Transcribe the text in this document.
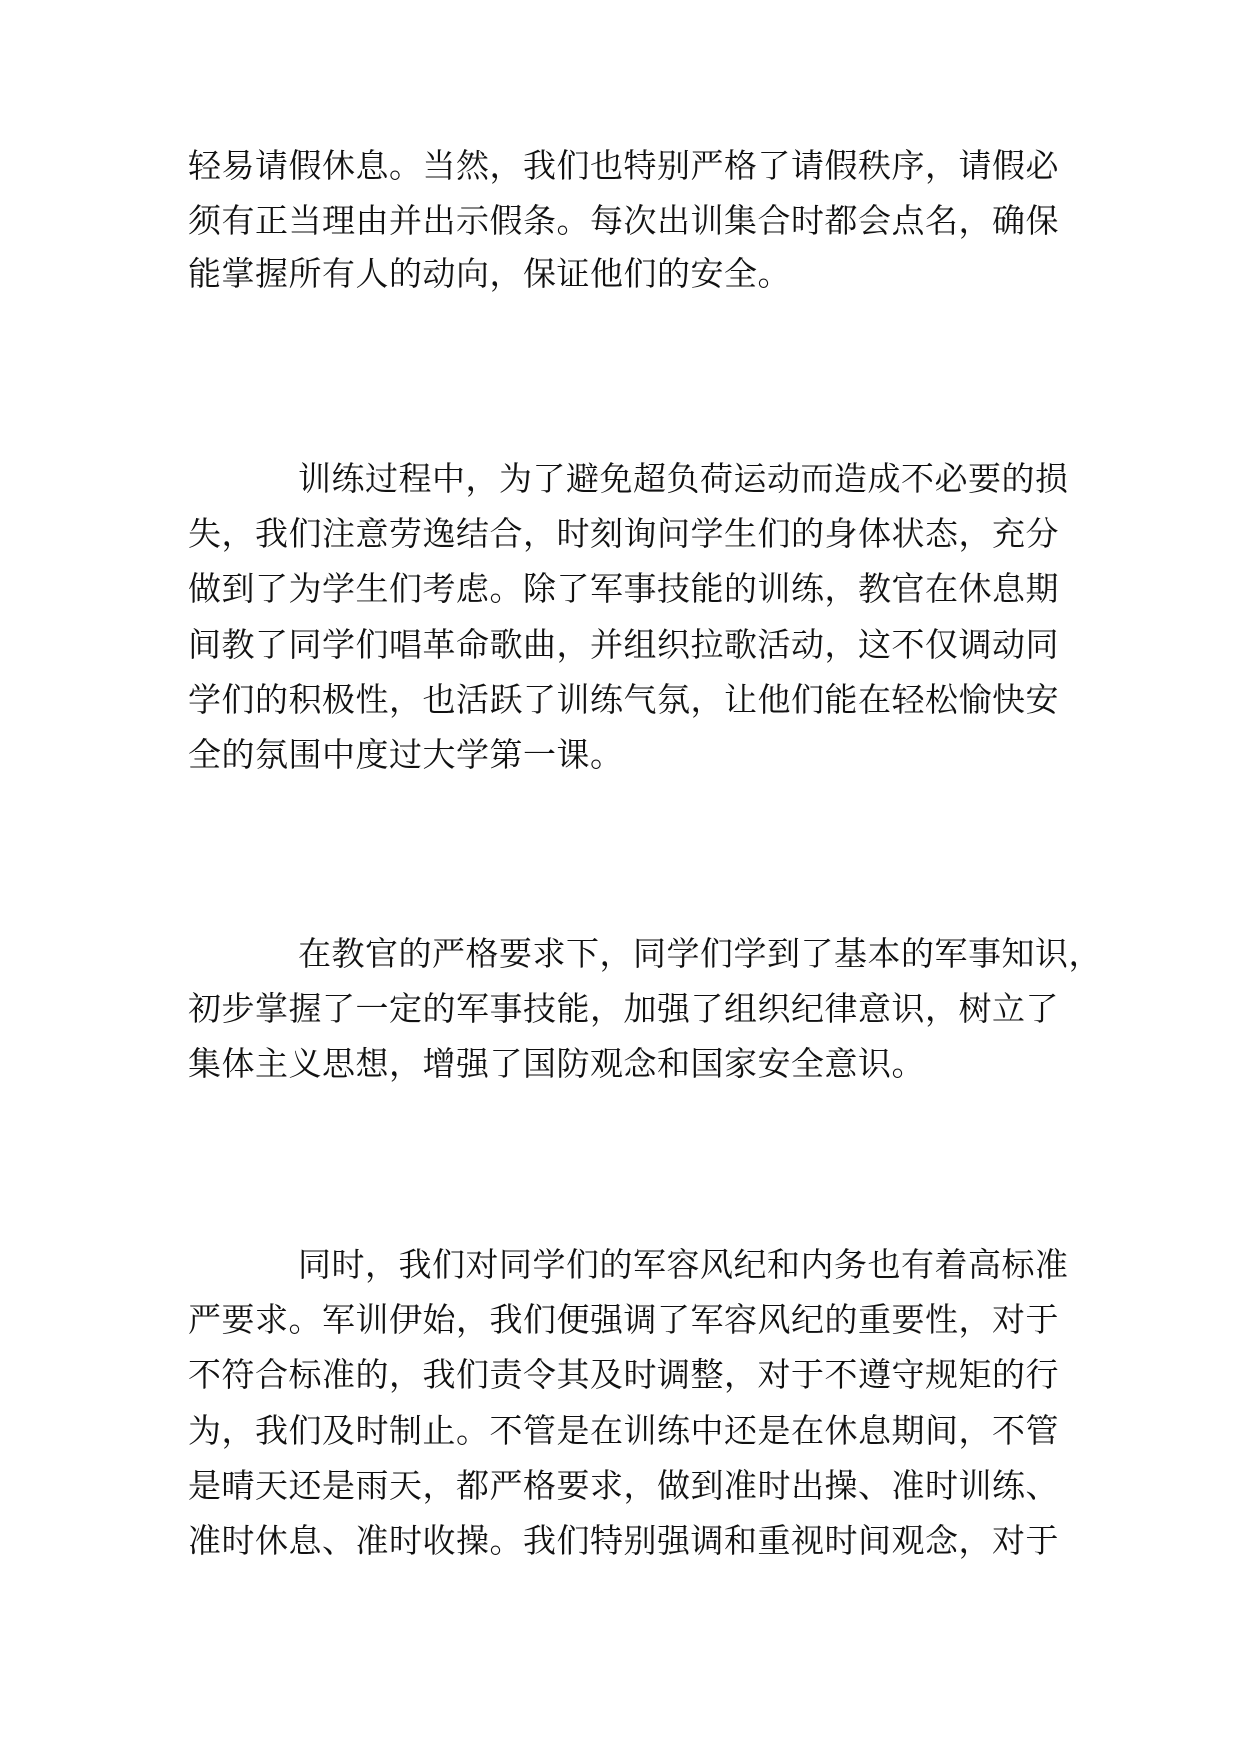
轻易请假休息。当然，我们也特别严格了请假秩序，请假必

须有正当理由并出示假条。每次出训集合时都会点名，确保

能掌握所有人的动向，保证他们的安全。

训练过程中，为了避免超负荷运动而造成不必要的损

失，我们注意劳逸结合，时刻询问学生们的身体状态，充分

做到了为学生们考虑。除了军事技能的训练，教官在休息期

间教了同学们唱革命歌曲，并组织拉歌活动，这不仅调动同

学们的积极性，也活跃了训练气氛，让他们能在轻松愉快安

全的氛围中度过大学第一课。

在教官的严格要求下，同学们学到了基本的军事知识，

初步掌握了一定的军事技能，加强了组织纪律意识，树立了

集体主义思想，增强了国防观念和国家安全意识。

同时，我们对同学们的军容风纪和内务也有着高标准

严要求。军训伊始，我们便强调了军容风纪的重要性，对于

不符合标准的，我们责令其及时调整，对于不遵守规矩的行

为，我们及时制止。不管是在训练中还是在休息期间，不管

是晴天还是雨天，都严格要求，做到准时出操、准时训练、

准时休息、准时收操。我们特别强调和重视时间观念，对于
